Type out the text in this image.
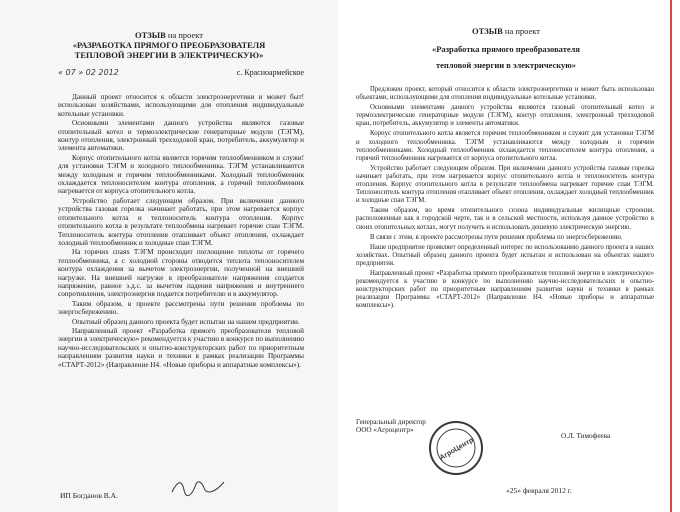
ОТЗЫВ на проект
«РАЗРАБОТКА ПРЯМОГО ПРЕОБРАЗОВАТЕЛЯ
ТЕПЛОВОЙ ЭНЕРГИИ В ЭЛЕКТРИЧЕСКУЮ»
« 07 » 02 2012	с. Красноармейское

Данный проект относится к области электроэнергетики и может быт! использован хозяйствами, использующими для отопления индивидуальные котельные установки.

Основными элементами данного устройства являются газовые отопительный котел и термоэлектрические генераторные модули (ТЭГМ), контур отопления, электронный трехходовой кран, потребитель, аккумулятор и элемента автоматики.

Корпус отопительного котла является горячим теплообменником и служи! для установки ТЭГМ и холодного теплообменника. ТЭГМ устанавливаются между холодным и горячим теплообменниками. Холодный теплообменник охлаждается теплоносителем контура отопления, а горячий теплообменник нагревается от корпуса отопительного котла.

Устройство работает следующим образом. При включении данного устройства газовая горелка начинает работать, при этом нагревается корпус отопительного котла и теплоноситель контура отопления. Корпус отопительного котла в результате теплообмена нагревает горячие спаи ТЭГМ. Теплоноситель контура отопления отапливает объект отопления, охлаждает холодный теплообменник и холодные спаи ТЭГМ.

На горячих спаях ТЭГМ происходит поглощение теплоты от горячего теплообменника, а с холодной стороны отводится теплота теплоносителем контура охлаждения за вычетом электроэнергии, полученной на внешней нагрузке. На внешней нагрузке в преобразователе напряжения создается напряжение, равное э.д.с. за вычетом падения напряжения и внутреннего сопротивления, электроэнергия подается потребителю и в аккумулятор.

Таким образом, в проекте рассмотрены пути решения проблемы по энергосбережению.

Опытный образец данного проекта будет испытан на нашем предприятии.

Направленный проект «Разработка прямого преобразователя тепловой энергии в электрическую» рекомендуется к участию в конкурсе по выполнению научно-исследовательских и опытно-конструкторских работ по приоритетным направлениям развития науки и техники в рамках реализации Программы «СТАРТ-2012» (Направление Н4. «Новые приборы и аппаратные комплексы»).

ИП Богданов В.А.
ОТЗЫВ на проект
«Разработка прямого преобразователя
тепловой энергии в электрическую»

Предложен проект, который относится к области электроэнергетики и может быть использован объектами, использующими для отопления индивидуальные котельные установки.

Основными элементами данного устройства являются газовый отопительный котел и термоэлектрические генераторные модули (ТЭГМ), контур отопления, электронный трехходовой кран, потребитель, аккумулятор и элементы автоматики.

Корпус отопительного котла является горячим теплообменником и служит для установки ТЭГМ и холодного теплообменника. ТЭГМ устанавливаются между холодным и горячим теплообменниками. Холодный теплообменник охлаждается теплоносителем контура отопления, а горячий теплообменник нагревается от корпуса отопительного котла.

Устройство работает следующим образом. При включении данного устройства газовая горелка начинает работать, при этом нагревается корпус отопительного котла и теплоноситель контура отопления. Корпус отопительного котла в результате теплообмена нагревает горячие спаи ТЭГМ. Теплоноситель контура отопления отапливает объект отопления, охлаждает холодный теплообменник и холодные спаи ТЭГМ.

Таким образом, во время отопительного сезона индивидуальные жилищные строения, расположенные как в городской черте, так и в сельской местности, используя данное устройство в своих отопительных котлах, могут получить и использовать дешевую электрическую энергию.

В связи с этим, в проекте рассмотрены пути решения проблемы по энергосбережению.

Наше предприятие проявляет определенный интерес по использованию данного проекта в наших хозяйствах. Опытный образец данного проекта будет испытан и использован на объектах нашего предприятия.

Направленный проект «Разработка прямого преобразователя тепловой энергии в электрическую» рекомендуется к участию в конкурсе по выполнению научно-исследовательских и опытно-конструкторских работ по приоритетным направлениям развития науки и техники в рамках реализации Программы «СТАРТ-2012» (Направление Н4. «Новые приборы и аппаратные комплексы»).

Генеральный директор
ООО «Агроцентр»
О.Л. Тимофеева
АгроЦентр
«25» февраля 2012 г.
